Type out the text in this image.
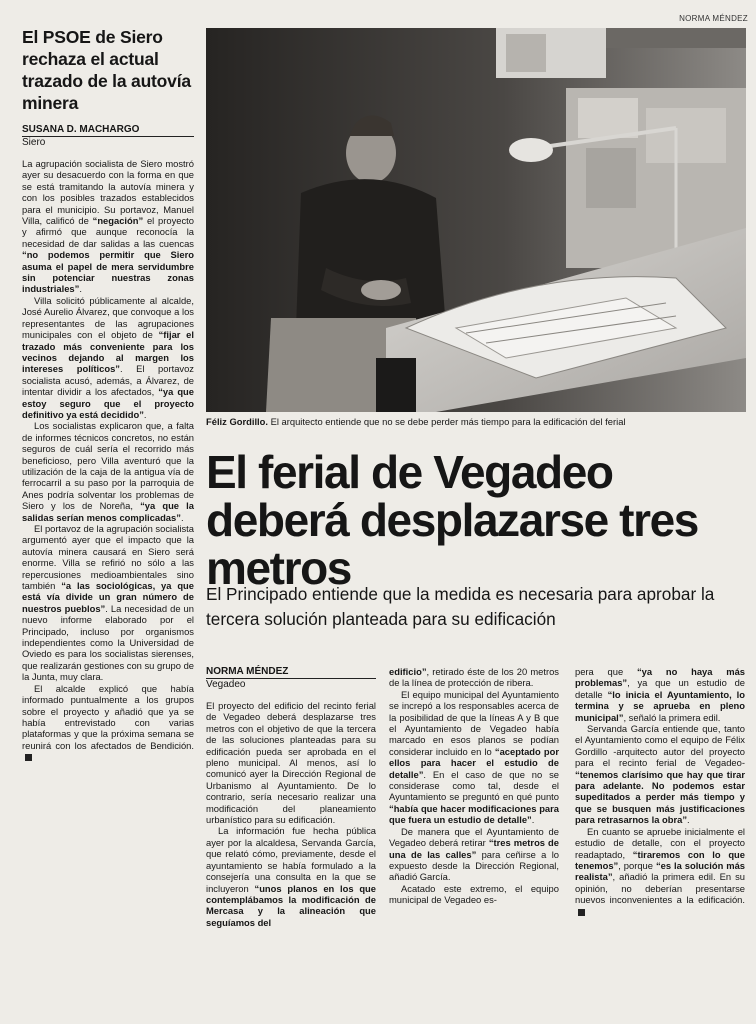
NORMA MÉNDEZ
El PSOE de Siero rechaza el actual trazado de la autovía minera
SUSANA D. MACHARGO
Siero

La agrupación socialista de Siero mostró ayer su desacuerdo con la forma en que se está tramitando la autovía minera y con los posibles trazados establecidos para el municipio. Su portavoz, Manuel Villa, calificó de “negación” el proyecto y afirmó que aunque reconocía la necesidad de dar salidas a las cuencas “no podemos permitir que Siero asuma el papel de mera servidumbre sin potenciar nuestras zonas industriales”.

Villa solicitó públicamente al alcalde, José Aurelio Álvarez, que convoque a los representantes de las agrupaciones municipales con el objeto de “fijar el trazado más conveniente para los vecinos dejando al margen los intereses políticos”. El portavoz socialista acusó, además, a Álvarez, de intentar dividir a los afectados, “ya que estoy seguro que el proyecto definitivo ya está decidido”.

Los socialistas explicaron que, a falta de informes técnicos concretos, no están seguros de cuál sería el recorrido más beneficioso, pero Villa aventuró que la utilización de la caja de la antigua vía de ferrocarril a su paso por la parroquia de Anes podría solventar los problemas de Siero y los de Noreña, “ya que la salidas serían menos complicadas”.

El portavoz de la agrupación socialista argumentó ayer que el impacto que la autovía minera causará en Siero será enorme. Villa se refirió no sólo a las repercusiones medioambientales sino también “a las sociológicas, ya que está vía divide un gran número de nuestros pueblos”. La necesidad de un nuevo informe elaborado por el Principado, incluso por organismos independientes como la Universidad de Oviedo es para los socialistas sierenses, que realizarán gestiones con su grupo de la Junta, muy clara.

El alcalde explicó que había informado puntualmente a los grupos sobre el proyecto y añadió que ya se había entrevistado con varias plataformas y que la próxima semana se reunirá con los afectados de Bendición.

Féliz Gordillo. El arquitecto entiende que no se debe perder más tiempo para la edificación del ferial
El ferial de Vegadeo deberá desplazarse tres metros

El Principado entiende que la medida es necesaria para aprobar la tercera solución planteada para su edificación

NORMA MÉNDEZ
Vegadeo

El proyecto del edificio del recinto ferial de Vegadeo deberá desplazarse tres metros con el objetivo de que la tercera de las soluciones planteadas para su edificación pueda ser aprobada en el pleno municipal. Al menos, así lo comunicó ayer la Dirección Regional de Urbanismo al Ayuntamiento. De lo contrario, sería necesario realizar una modificación del planeamiento urbanístico para su edificación.

La información fue hecha pública ayer por la alcaldesa, Servanda García, que relató cómo, previamente, desde el ayuntamiento se había formulado a la consejería una consulta en la que se incluyeron “unos planos en los que contemplábamos la modificación de Mercasa y la alineación que seguíamos del

edificio”, retirado éste de los 20 metros de la línea de protección de ribera.

El equipo municipal del Ayuntamiento se increpó a los responsables acerca de la posibilidad de que la líneas A y B que el Ayuntamiento de Vegadeo había marcado en esos planos se podían considerar incluido en lo “aceptado por ellos para hacer el estudio de detalle”. En el caso de que no se considerase como tal, desde el Ayuntamiento se preguntó en qué punto “había que hacer modificaciones para que fuera un estudio de detalle”.

De manera que el Ayuntamiento de Vegadeo deberá retirar “tres metros de una de las calles” para ceñirse a lo expuesto desde la Dirección Regional, añadió García.

Acatado este extremo, el equipo municipal de Vegadeo es-

pera que “ya no haya más problemas”, ya que un estudio de detalle “lo inicia el Ayuntamiento, lo termina y se aprueba en pleno municipal”, señaló la primera edil.

Servanda García entiende que, tanto el Ayuntamiento como el equipo de Félix Gordillo -arquitecto autor del proyecto para el recinto ferial de Vegadeo- “tenemos clarísimo que hay que tirar para adelante. No podemos estar supeditados a perder más tiempo y que se busquen más justificaciones para retrasarnos la obra”.

En cuanto se apruebe inicialmente el estudio de detalle, con el proyecto readaptado, “tiraremos con lo que tenemos”, porque “es la solución más realista”, añadió la primera edil. En su opinión, no deberían presentarse nuevos inconvenientes a la edificación.
